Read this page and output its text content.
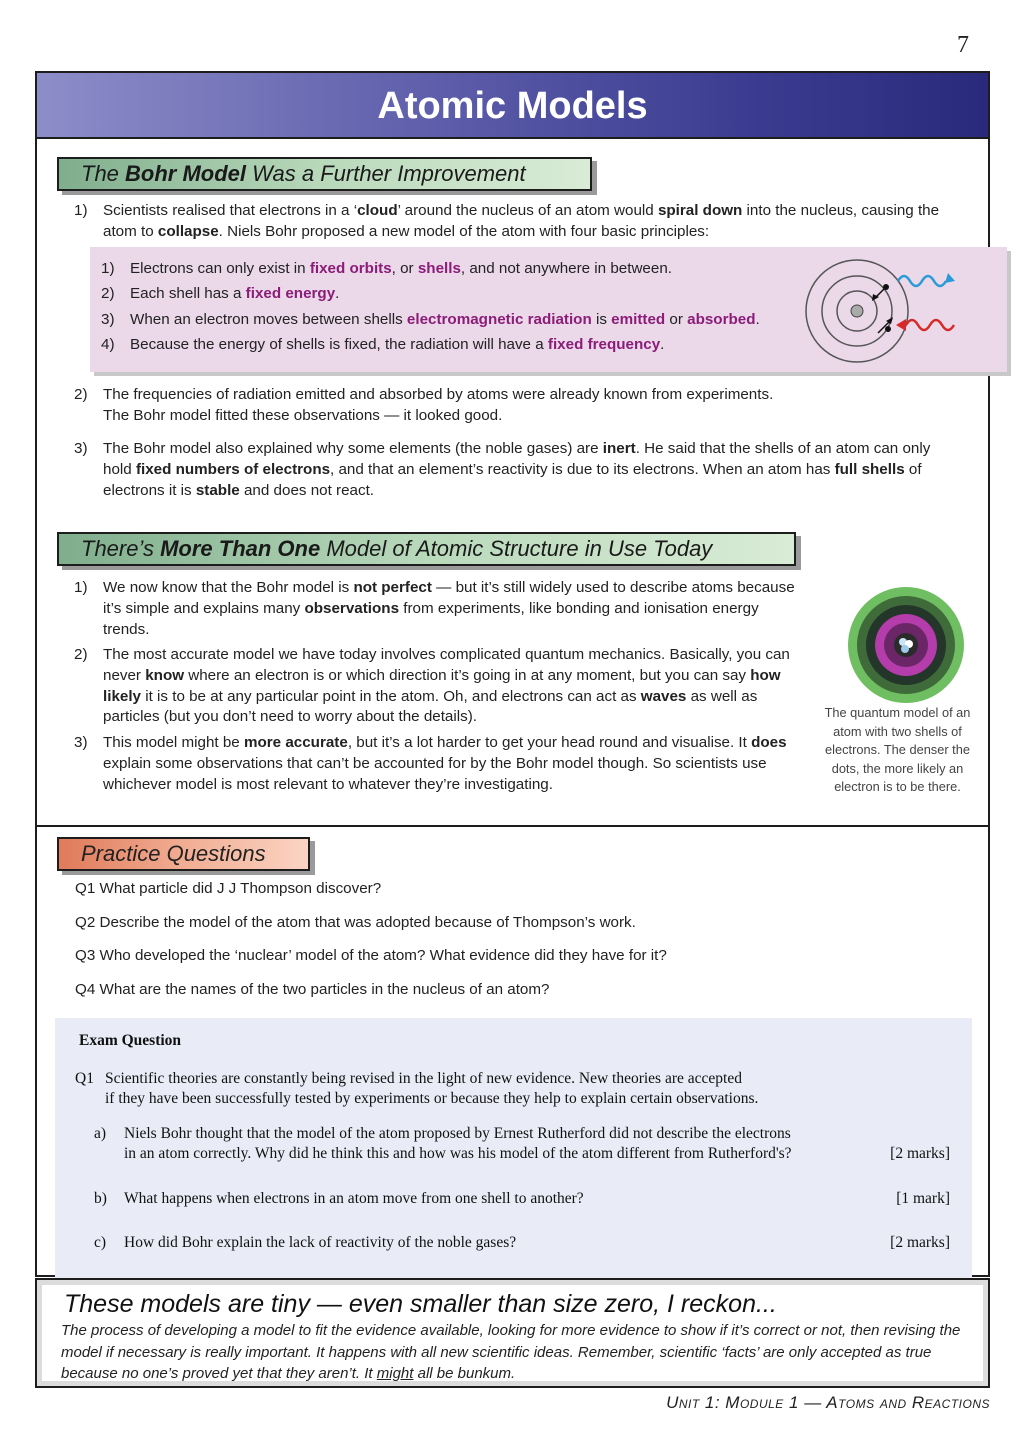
7
Atomic Models
The Bohr Model Was a Further Improvement
1) Scientists realised that electrons in a ‘cloud’ around the nucleus of an atom would spiral down into the nucleus, causing the atom to collapse. Niels Bohr proposed a new model of the atom with four basic principles:
1) Electrons can only exist in fixed orbits, or shells, and not anywhere in between.
2) Each shell has a fixed energy.
3) When an electron moves between shells electromagnetic radiation is emitted or absorbed.
4) Because the energy of shells is fixed, the radiation will have a fixed frequency.
2) The frequencies of radiation emitted and absorbed by atoms were already known from experiments.
The Bohr model fitted these observations — it looked good.
3) The Bohr model also explained why some elements (the noble gases) are inert. He said that the shells of an atom can only hold fixed numbers of electrons, and that an element’s reactivity is due to its electrons. When an atom has full shells of electrons it is stable and does not react.
There’s More Than One Model of Atomic Structure in Use Today
1) We now know that the Bohr model is not perfect — but it’s still widely used to describe atoms because it’s simple and explains many observations from experiments, like bonding and ionisation energy trends.
2) The most accurate model we have today involves complicated quantum mechanics. Basically, you can never know where an electron is or which direction it’s going in at any moment, but you can say how likely it is to be at any particular point in the atom. Oh, and electrons can act as waves as well as particles (but you don’t need to worry about the details).
3) This model might be more accurate, but it’s a lot harder to get your head round and visualise. It does explain some observations that can’t be accounted for by the Bohr model though. So scientists use whichever model is most relevant to whatever they’re investigating.
Practice Questions
Q1 What particle did J J Thompson discover?
Q2 Describe the model of the atom that was adopted because of Thompson’s work.
Q3 Who developed the ‘nuclear’ model of the atom? What evidence did they have for it?
Q4 What are the names of the two particles in the nucleus of an atom?
Exam Question
Q1 Scientific theories are constantly being revised in the light of new evidence. New theories are accepted
if they have been successfully tested by experiments or because they help to explain certain observations.
a) Niels Bohr thought that the model of the atom proposed by Ernest Rutherford did not describe the electrons
in an atom correctly. Why did he think this and how was his model of the atom different from Rutherford's?	[2 marks]
b) What happens when electrons in an atom move from one shell to another?	[1 mark]
c) How did Bohr explain the lack of reactivity of the noble gases?	[2 marks]
The quantum model of an atom with two shells of electrons. The denser the dots, the more likely an electron is to be there.
These models are tiny — even smaller than size zero, I reckon...
The process of developing a model to fit the evidence available, looking for more evidence to show if it’s correct or not, then revising the model if necessary is really important. It happens with all new scientific ideas. Remember, scientific ‘facts’ are only accepted as true because no one’s proved yet that they aren’t. It might all be bunkum.
Unit 1: Module 1 — Atoms and Reactions
